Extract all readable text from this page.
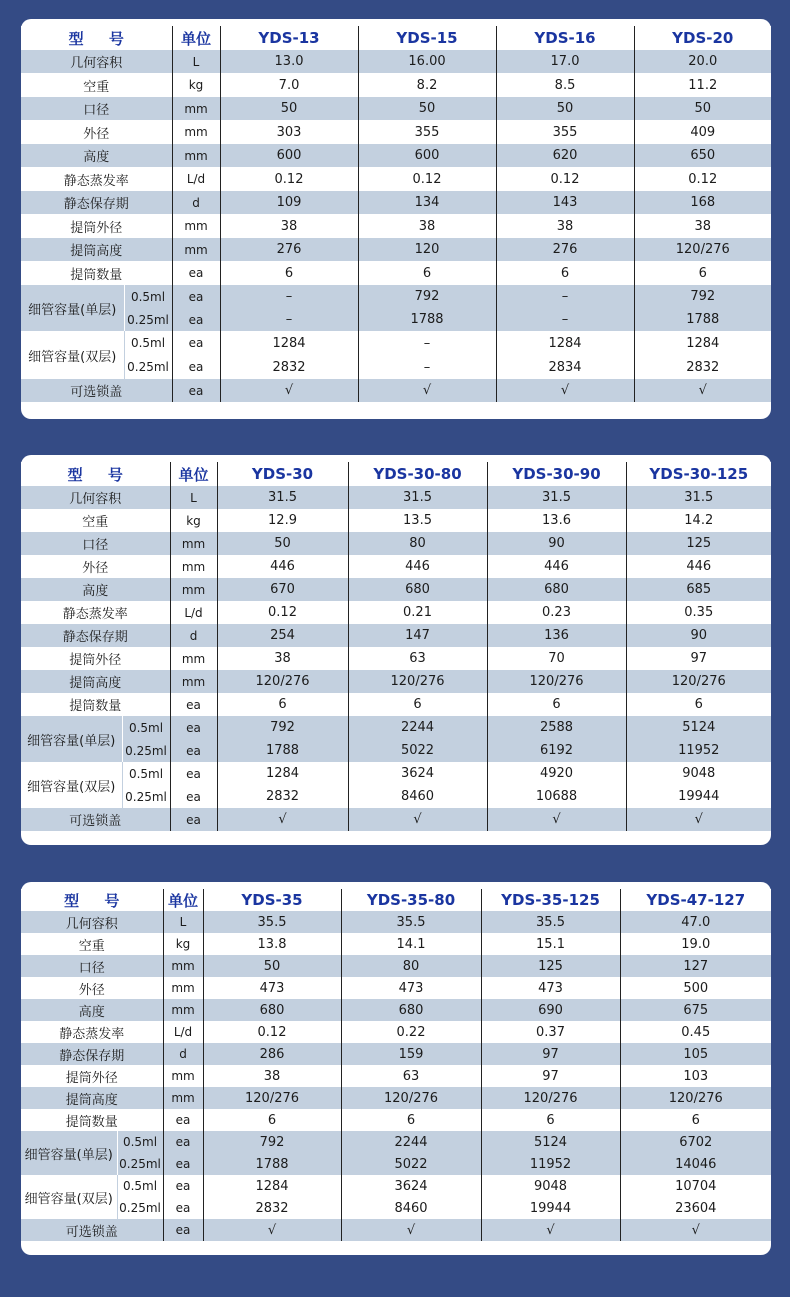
型 号		单位	YDS-13	YDS-15	YDS-16	YDS-20
几何容积		L	13.0	16.00	17.0	20.0
空重		kg	7.0	8.2	8.5	11.2
口径		mm	50	50	50	50
外径		mm	303	355	355	409
高度		mm	600	600	620	650
静态蒸发率		L/d	0.12	0.12	0.12	0.12
静态保存期		d	109	134	143	168
提筒外径		mm	38	38	38	38
提筒高度		mm	276	120	276	120/276
提筒数量		ea	6	6	6	6
细管容量(单层)	0.5ml	ea	–	792	–	792
	0.25ml	ea	–	1788	–	1788
细管容量(双层)	0.5ml	ea	1284	–	1284	1284
	0.25ml	ea	2832	–	2834	2832
可选锁盖		ea	√	√	√	√
型 号		单位	YDS-30	YDS-30-80	YDS-30-90	YDS-30-125
几何容积		L	31.5	31.5	31.5	31.5
空重		kg	12.9	13.5	13.6	14.2
口径		mm	50	80	90	125
外径		mm	446	446	446	446
高度		mm	670	680	680	685
静态蒸发率		L/d	0.12	0.21	0.23	0.35
静态保存期		d	254	147	136	90
提筒外径		mm	38	63	70	97
提筒高度		mm	120/276	120/276	120/276	120/276
提筒数量		ea	6	6	6	6
细管容量(单层)	0.5ml	ea	792	2244	2588	5124
	0.25ml	ea	1788	5022	6192	11952
细管容量(双层)	0.5ml	ea	1284	3624	4920	9048
	0.25ml	ea	2832	8460	10688	19944
可选锁盖		ea	√	√	√	√
型 号		单位	YDS-35	YDS-35-80	YDS-35-125	YDS-47-127
几何容积		L	35.5	35.5	35.5	47.0
空重		kg	13.8	14.1	15.1	19.0
口径		mm	50	80	125	127
外径		mm	473	473	473	500
高度		mm	680	680	690	675
静态蒸发率		L/d	0.12	0.22	0.37	0.45
静态保存期		d	286	159	97	105
提筒外径		mm	38	63	97	103
提筒高度		mm	120/276	120/276	120/276	120/276
提筒数量		ea	6	6	6	6
细管容量(单层)	0.5ml	ea	792	2244	5124	6702
	0.25ml	ea	1788	5022	11952	14046
细管容量(双层)	0.5ml	ea	1284	3624	9048	10704
	0.25ml	ea	2832	8460	19944	23604
可选锁盖		ea	√	√	√	√
